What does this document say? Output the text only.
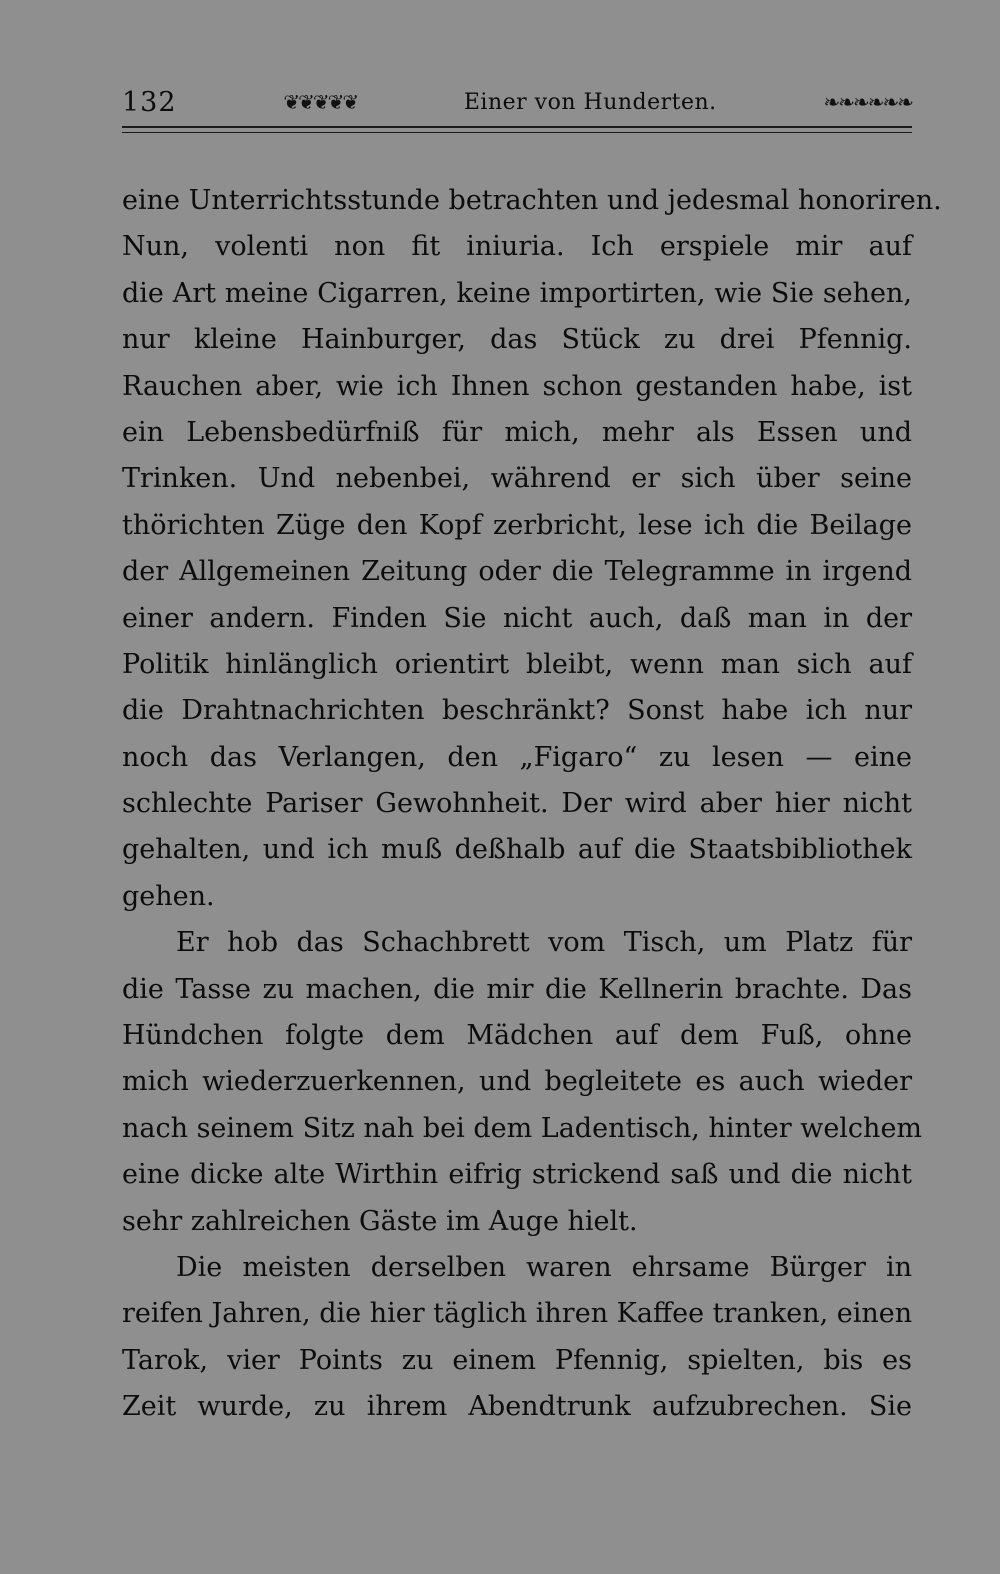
132	❦❦❦❦❦	Einer von Hunderten.	❧❧❧❧❧❧
eine Unterrichtsstunde betrachten und jedesmal honoriren.
Nun, volenti non fit iniuria. Ich erspiele mir auf
die Art meine Cigarren, keine importirten, wie Sie sehen,
nur kleine Hainburger, das Stück zu drei Pfennig.
Rauchen aber, wie ich Ihnen schon gestanden habe, ist
ein Lebensbedürfniß für mich, mehr als Essen und
Trinken. Und nebenbei, während er sich über seine
thörichten Züge den Kopf zerbricht, lese ich die Beilage
der Allgemeinen Zeitung oder die Telegramme in irgend
einer andern. Finden Sie nicht auch, daß man in der
Politik hinlänglich orientirt bleibt, wenn man sich auf
die Drahtnachrichten beschränkt? Sonst habe ich nur
noch das Verlangen, den „Figaro“ zu lesen — eine
schlechte Pariser Gewohnheit. Der wird aber hier nicht
gehalten, und ich muß deßhalb auf die Staatsbibliothek
gehen.
Er hob das Schachbrett vom Tisch, um Platz für
die Tasse zu machen, die mir die Kellnerin brachte. Das
Hündchen folgte dem Mädchen auf dem Fuß, ohne
mich wiederzuerkennen, und begleitete es auch wieder
nach seinem Sitz nah bei dem Ladentisch, hinter welchem
eine dicke alte Wirthin eifrig strickend saß und die nicht
sehr zahlreichen Gäste im Auge hielt.
Die meisten derselben waren ehrsame Bürger in
reifen Jahren, die hier täglich ihren Kaffee tranken, einen
Tarok, vier Points zu einem Pfennig, spielten, bis es
Zeit wurde, zu ihrem Abendtrunk aufzubrechen. Sie
